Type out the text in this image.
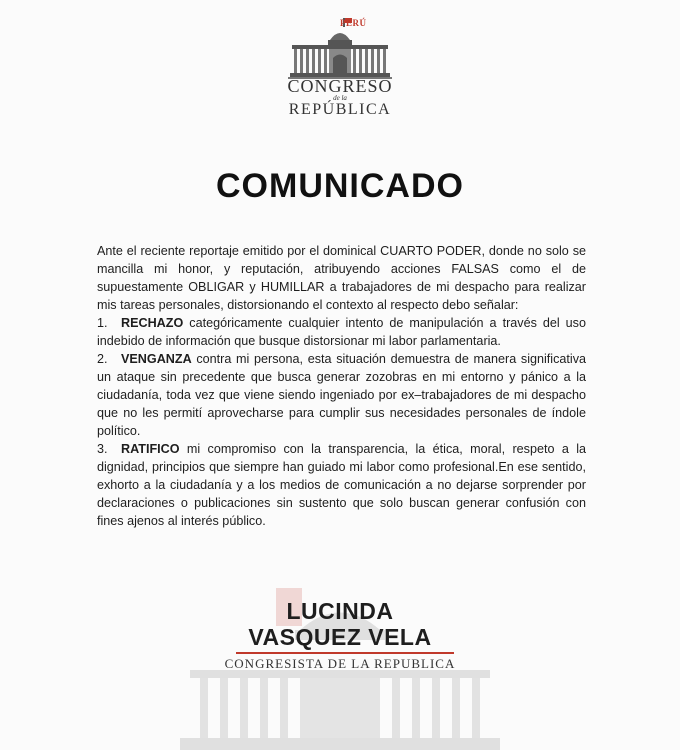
PERÚ
CONGRESO
de la
REPÚBLICA
COMUNICADO

Ante el reciente reportaje emitido por el dominical CUARTO PODER, donde no solo se mancilla mi honor, y reputación, atribuyendo acciones FALSAS como el de supuestamente OBLIGAR y HUMILLAR a trabajadores de mi despacho para realizar mis tareas personales, distorsionando el contexto al respecto debo señalar:

1. RECHAZO categóricamente cualquier intento de manipulación a través del uso indebido de información que busque distorsionar mi labor parlamentaria.

2. VENGANZA contra mi persona, esta situación demuestra de manera significativa un ataque sin precedente que busca generar zozobras en mi entorno y pánico a la ciudadanía, toda vez que viene siendo ingeniado por ex–trabajadores de mi despacho que no les permití aprovecharse para cumplir sus necesidades personales de índole político.

3. RATIFICO mi compromiso con la transparencia, la ética, moral, respeto a la dignidad, principios que siempre han guiado mi labor como profesional.En ese sentido, exhorto a la ciudadanía y a los medios de comunicación a no dejarse sorprender por declaraciones o publicaciones sin sustento que solo buscan generar confusión con fines ajenos al interés público.

LUCINDA
VASQUEZ VELA
CONGRESISTA DE LA REPUBLICA
